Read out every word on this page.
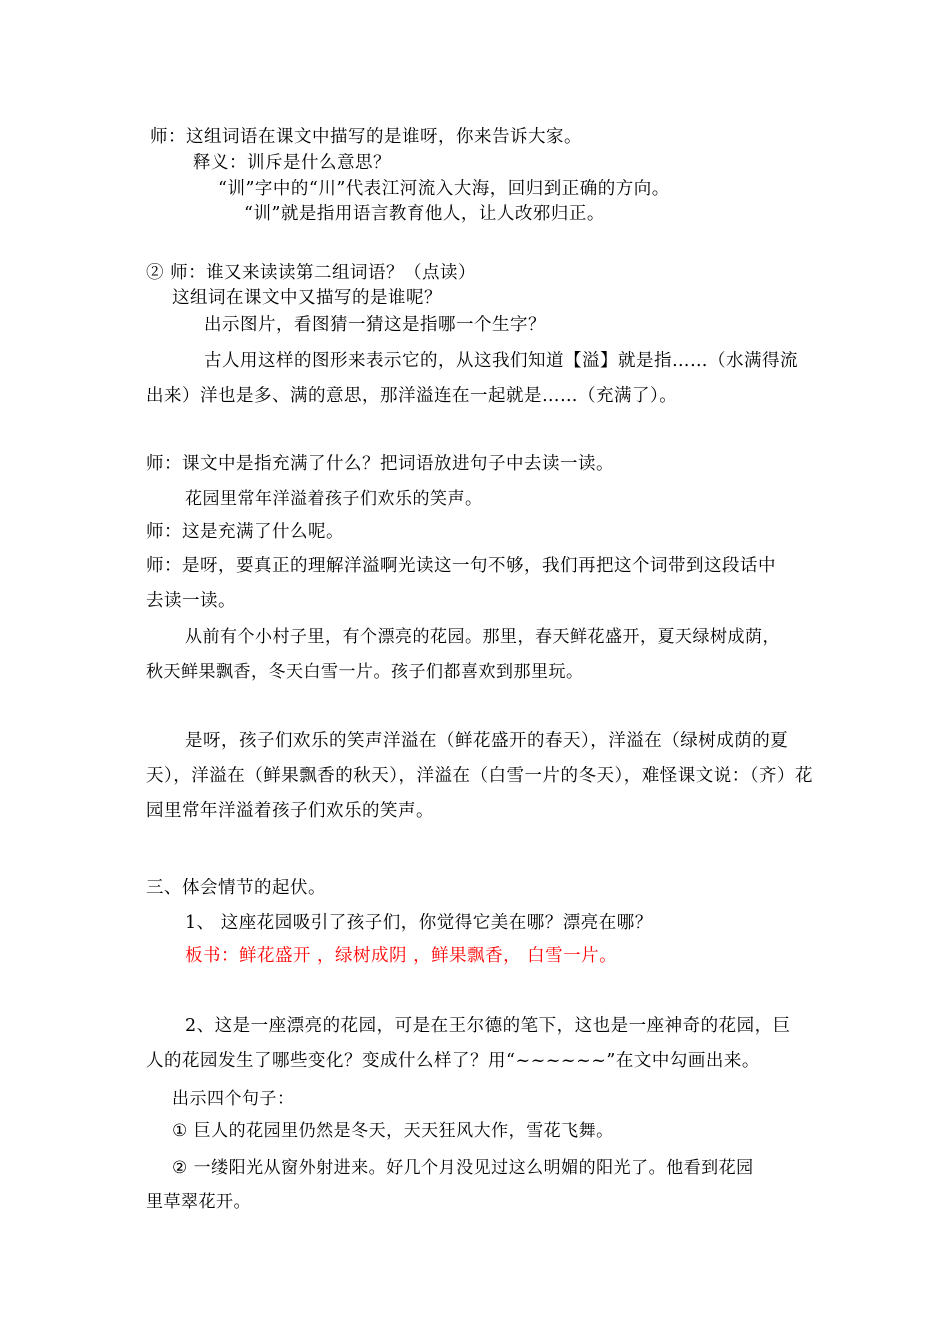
师：这组词语在课文中描写的是谁呀，你来告诉大家。
释义：训斥是什么意思？
“训”字中的“川”代表江河流入大海，回归到正确的方向。
“训”就是指用语言教育他人，让人改邪归正。
② 师：谁又来读读第二组词语？（点读）
这组词在课文中又描写的是谁呢？
出示图片，看图猜一猜这是指哪一个生字？
古人用这样的图形来表示它的，从这我们知道【溢】就是指……（水满得流
出来）洋也是多、满的意思，那洋溢连在一起就是……（充满了）。
师：课文中是指充满了什么？把词语放进句子中去读一读。
花园里常年洋溢着孩子们欢乐的笑声。
师：这是充满了什么呢。
师：是呀，要真正的理解洋溢啊光读这一句不够，我们再把这个词带到这段话中
去读一读。
从前有个小村子里，有个漂亮的花园。那里，春天鲜花盛开，夏天绿树成荫，
秋天鲜果飘香，冬天白雪一片。孩子们都喜欢到那里玩。
是呀，孩子们欢乐的笑声洋溢在（鲜花盛开的春天），洋溢在（绿树成荫的夏
天），洋溢在（鲜果飘香的秋天），洋溢在（白雪一片的冬天），难怪课文说：（齐）花
园里常年洋溢着孩子们欢乐的笑声。
三、体会情节的起伏。
1、 这座花园吸引了孩子们，你觉得它美在哪？漂亮在哪？
板书：鲜花盛开 ，绿树成阴 ，鲜果飘香， 白雪一片。
2、这是一座漂亮的花园，可是在王尔德的笔下，这也是一座神奇的花园，巨
人的花园发生了哪些变化？变成什么样了？用“~~~~~~”在文中勾画出来。
出示四个句子：
① 巨人的花园里仍然是冬天，天天狂风大作，雪花飞舞。
② 一缕阳光从窗外射进来。好几个月没见过这么明媚的阳光了。他看到花园
里草翠花开。
